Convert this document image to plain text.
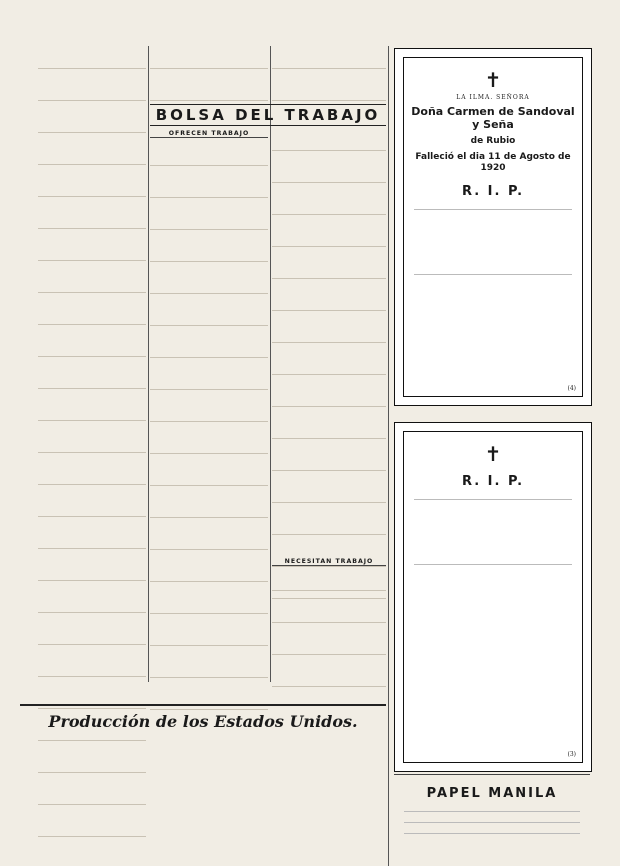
BOLSA DEL TRABAJO
OFRECEN TRABAJO
NECESITAN TRABAJO
Producción de los Estados Unidos.
✝
LA ILMA. SEÑORA
Doña Carmen de Sandoval y Seña
de Rubio
Falleció el dia 11 de Agosto de 1920
R. I. P.
(4)
✝
R. I. P.
(3)
PAPEL MANILA
